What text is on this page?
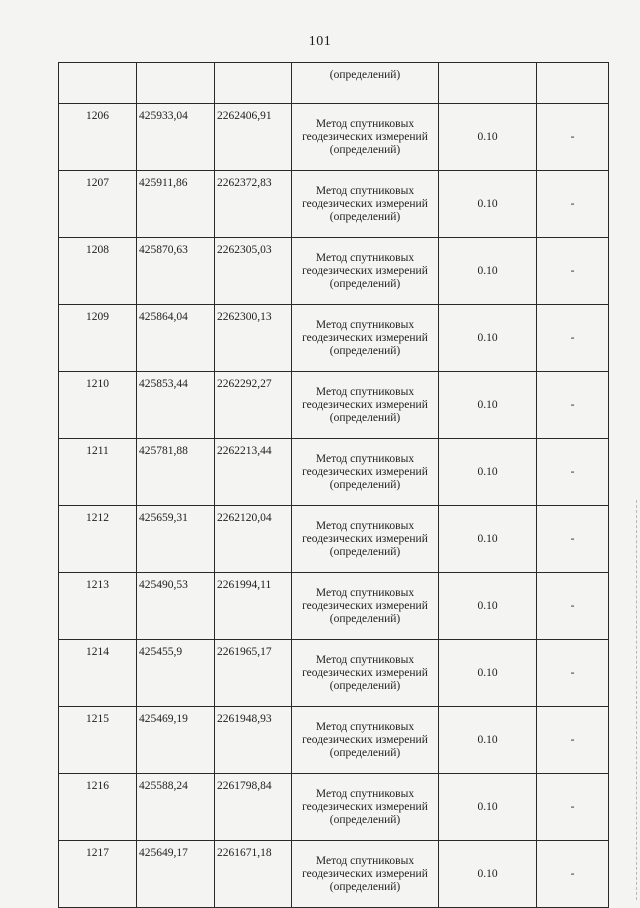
101
			(определений)		
1206	425933,04	2262406,91	Метод спутниковых
геодезических измерений
(определений)	0.10	-
1207	425911,86	2262372,83	Метод спутниковых
геодезических измерений
(определений)	0.10	-
1208	425870,63	2262305,03	Метод спутниковых
геодезических измерений
(определений)	0.10	-
1209	425864,04	2262300,13	Метод спутниковых
геодезических измерений
(определений)	0.10	-
1210	425853,44	2262292,27	Метод спутниковых
геодезических измерений
(определений)	0.10	-
1211	425781,88	2262213,44	Метод спутниковых
геодезических измерений
(определений)	0.10	-
1212	425659,31	2262120,04	Метод спутниковых
геодезических измерений
(определений)	0.10	-
1213	425490,53	2261994,11	Метод спутниковых
геодезических измерений
(определений)	0.10	-
1214	425455,9	2261965,17	Метод спутниковых
геодезических измерений
(определений)	0.10	-
1215	425469,19	2261948,93	Метод спутниковых
геодезических измерений
(определений)	0.10	-
1216	425588,24	2261798,84	Метод спутниковых
геодезических измерений
(определений)	0.10	-
1217	425649,17	2261671,18	Метод спутниковых
геодезических измерений
(определений)	0.10	-
